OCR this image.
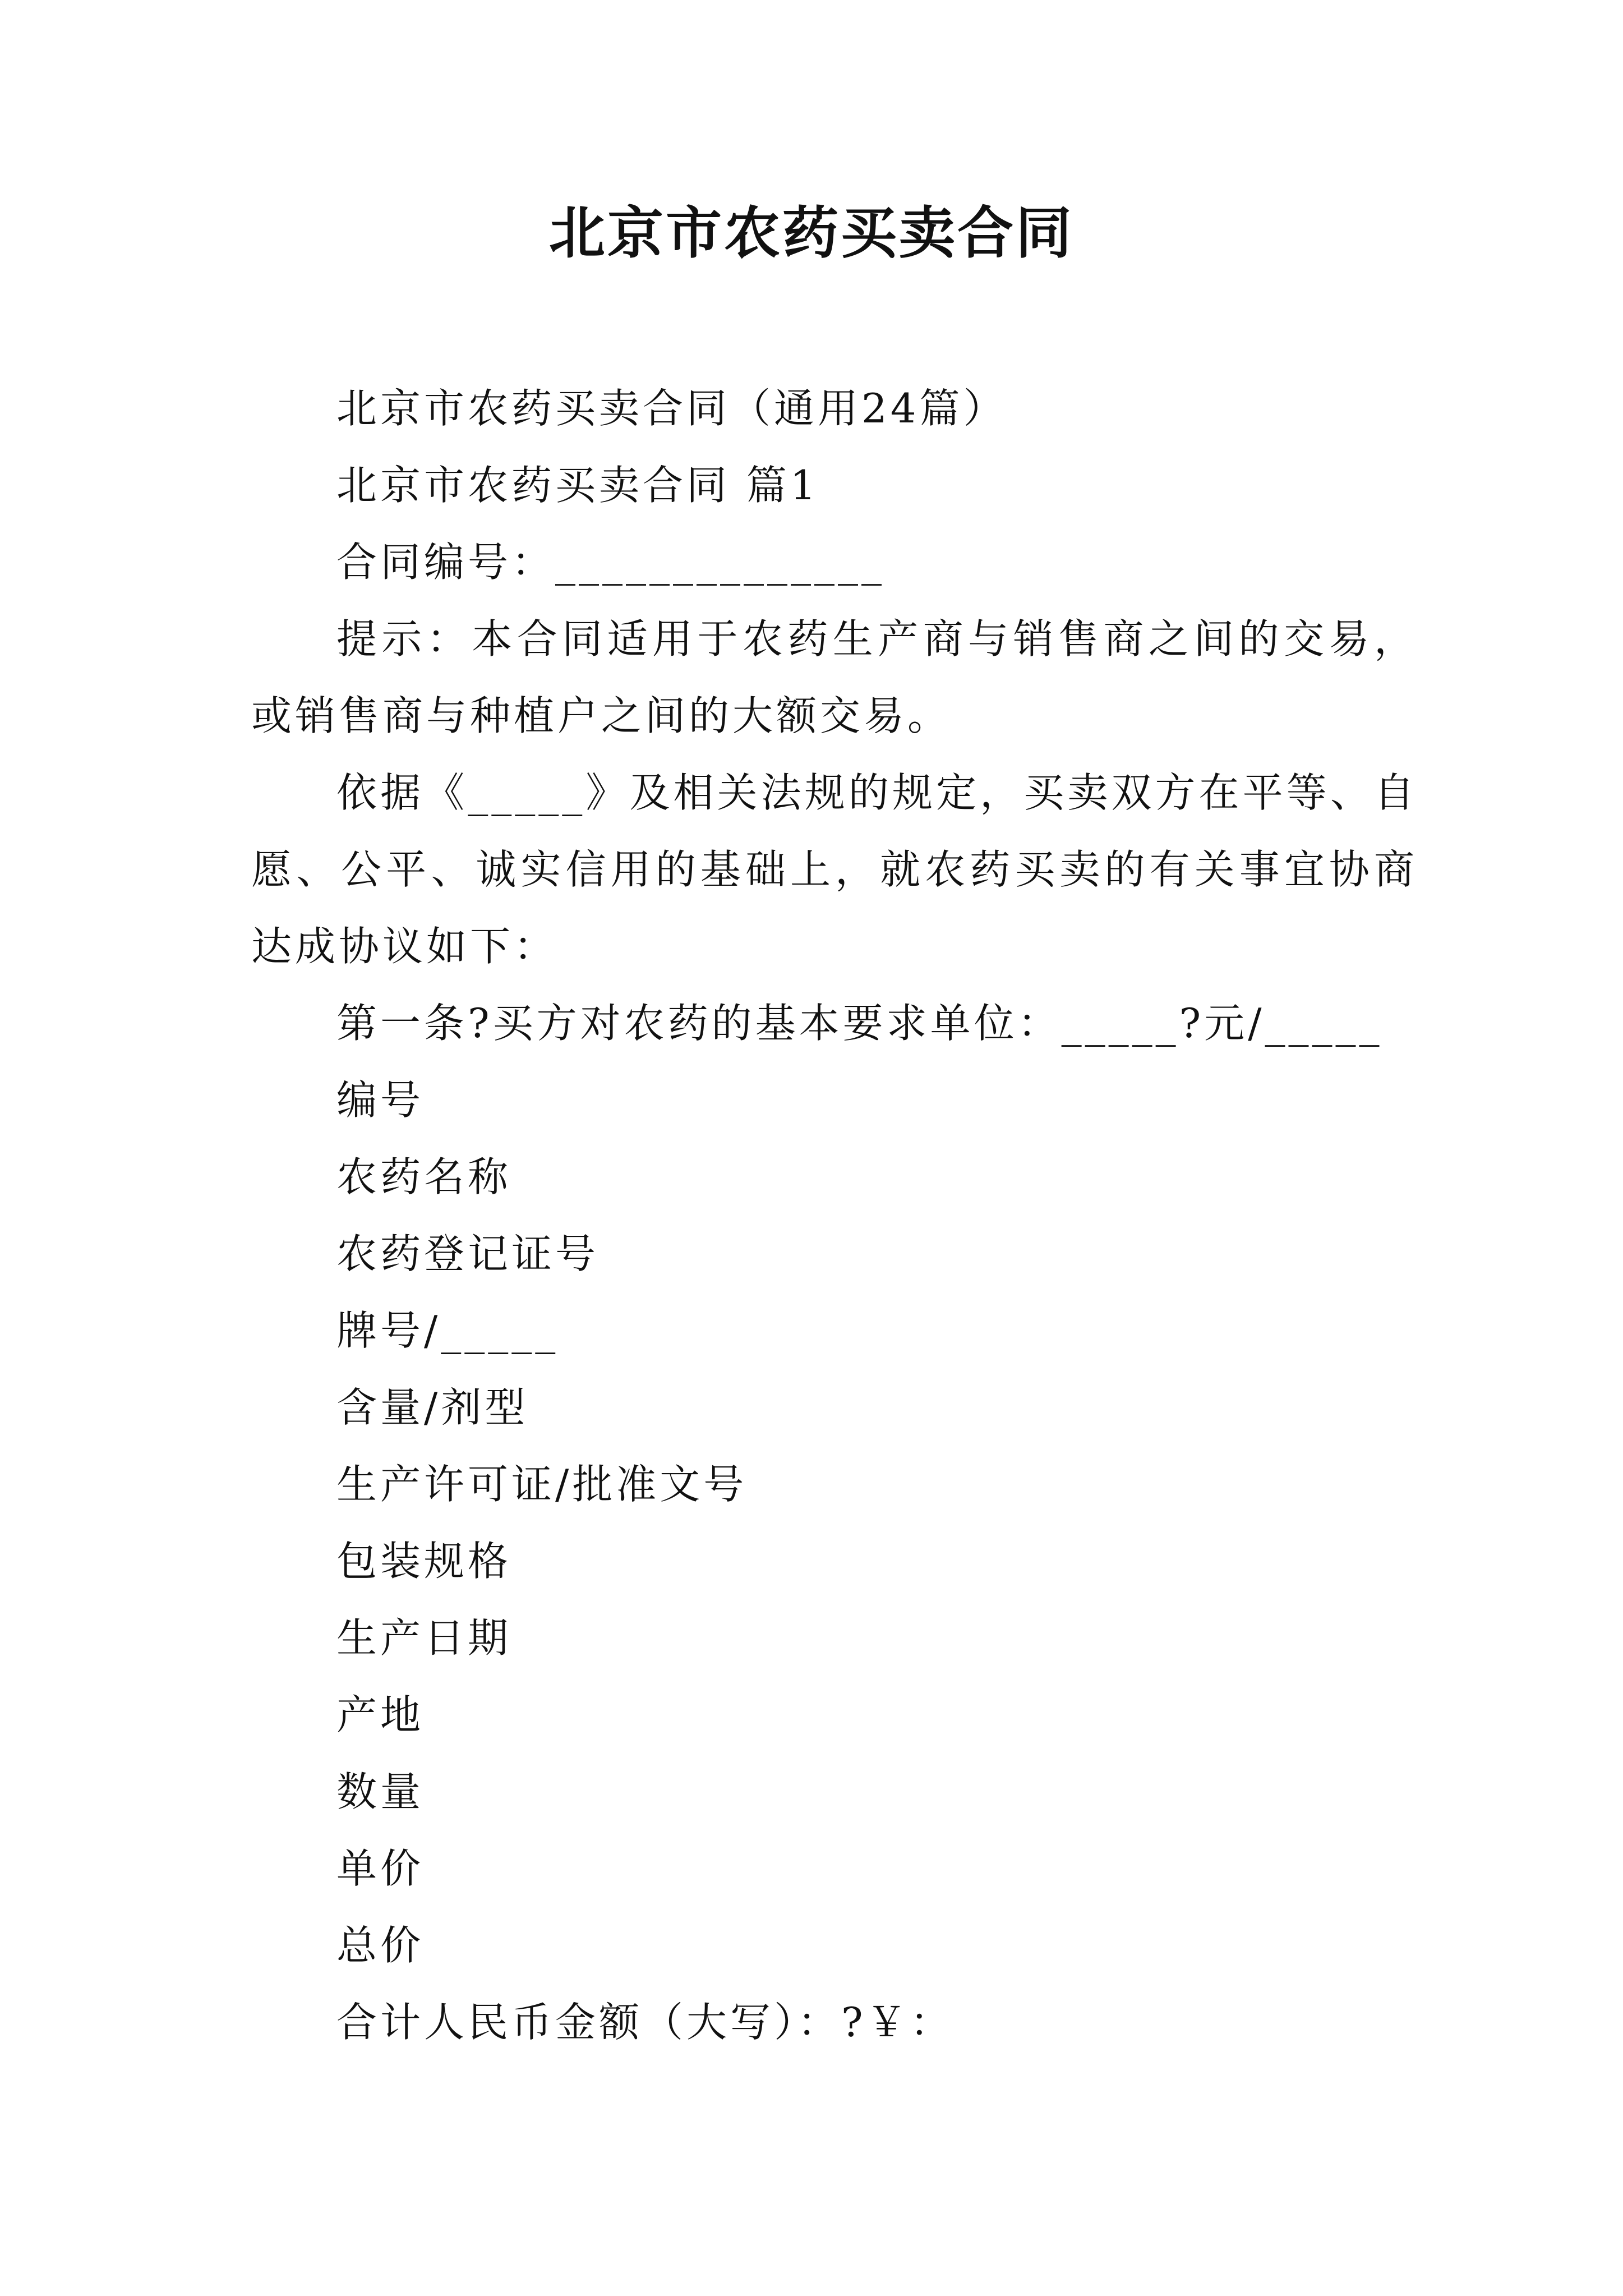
北京市农药买卖合同

北京市农药买卖合同（通用24篇）

北京市农药买卖合同 篇1

合同编号：______________

提示：本合同适用于农药生产商与销售商之间的交易，或销售商与种植户之间的大额交易。

依据《_____》及相关法规的规定，买卖双方在平等、自愿、公平、诚实信用的基础上，就农药买卖的有关事宜协商达成协议如下：

第一条?买方对农药的基本要求单位：_____?元/_____

编号

农药名称

农药登记证号

牌号/_____

含量/剂型

生产许可证/批准文号

包装规格

生产日期

产地

数量

单价

总价

合计人民币金额（大写）：?￥：
